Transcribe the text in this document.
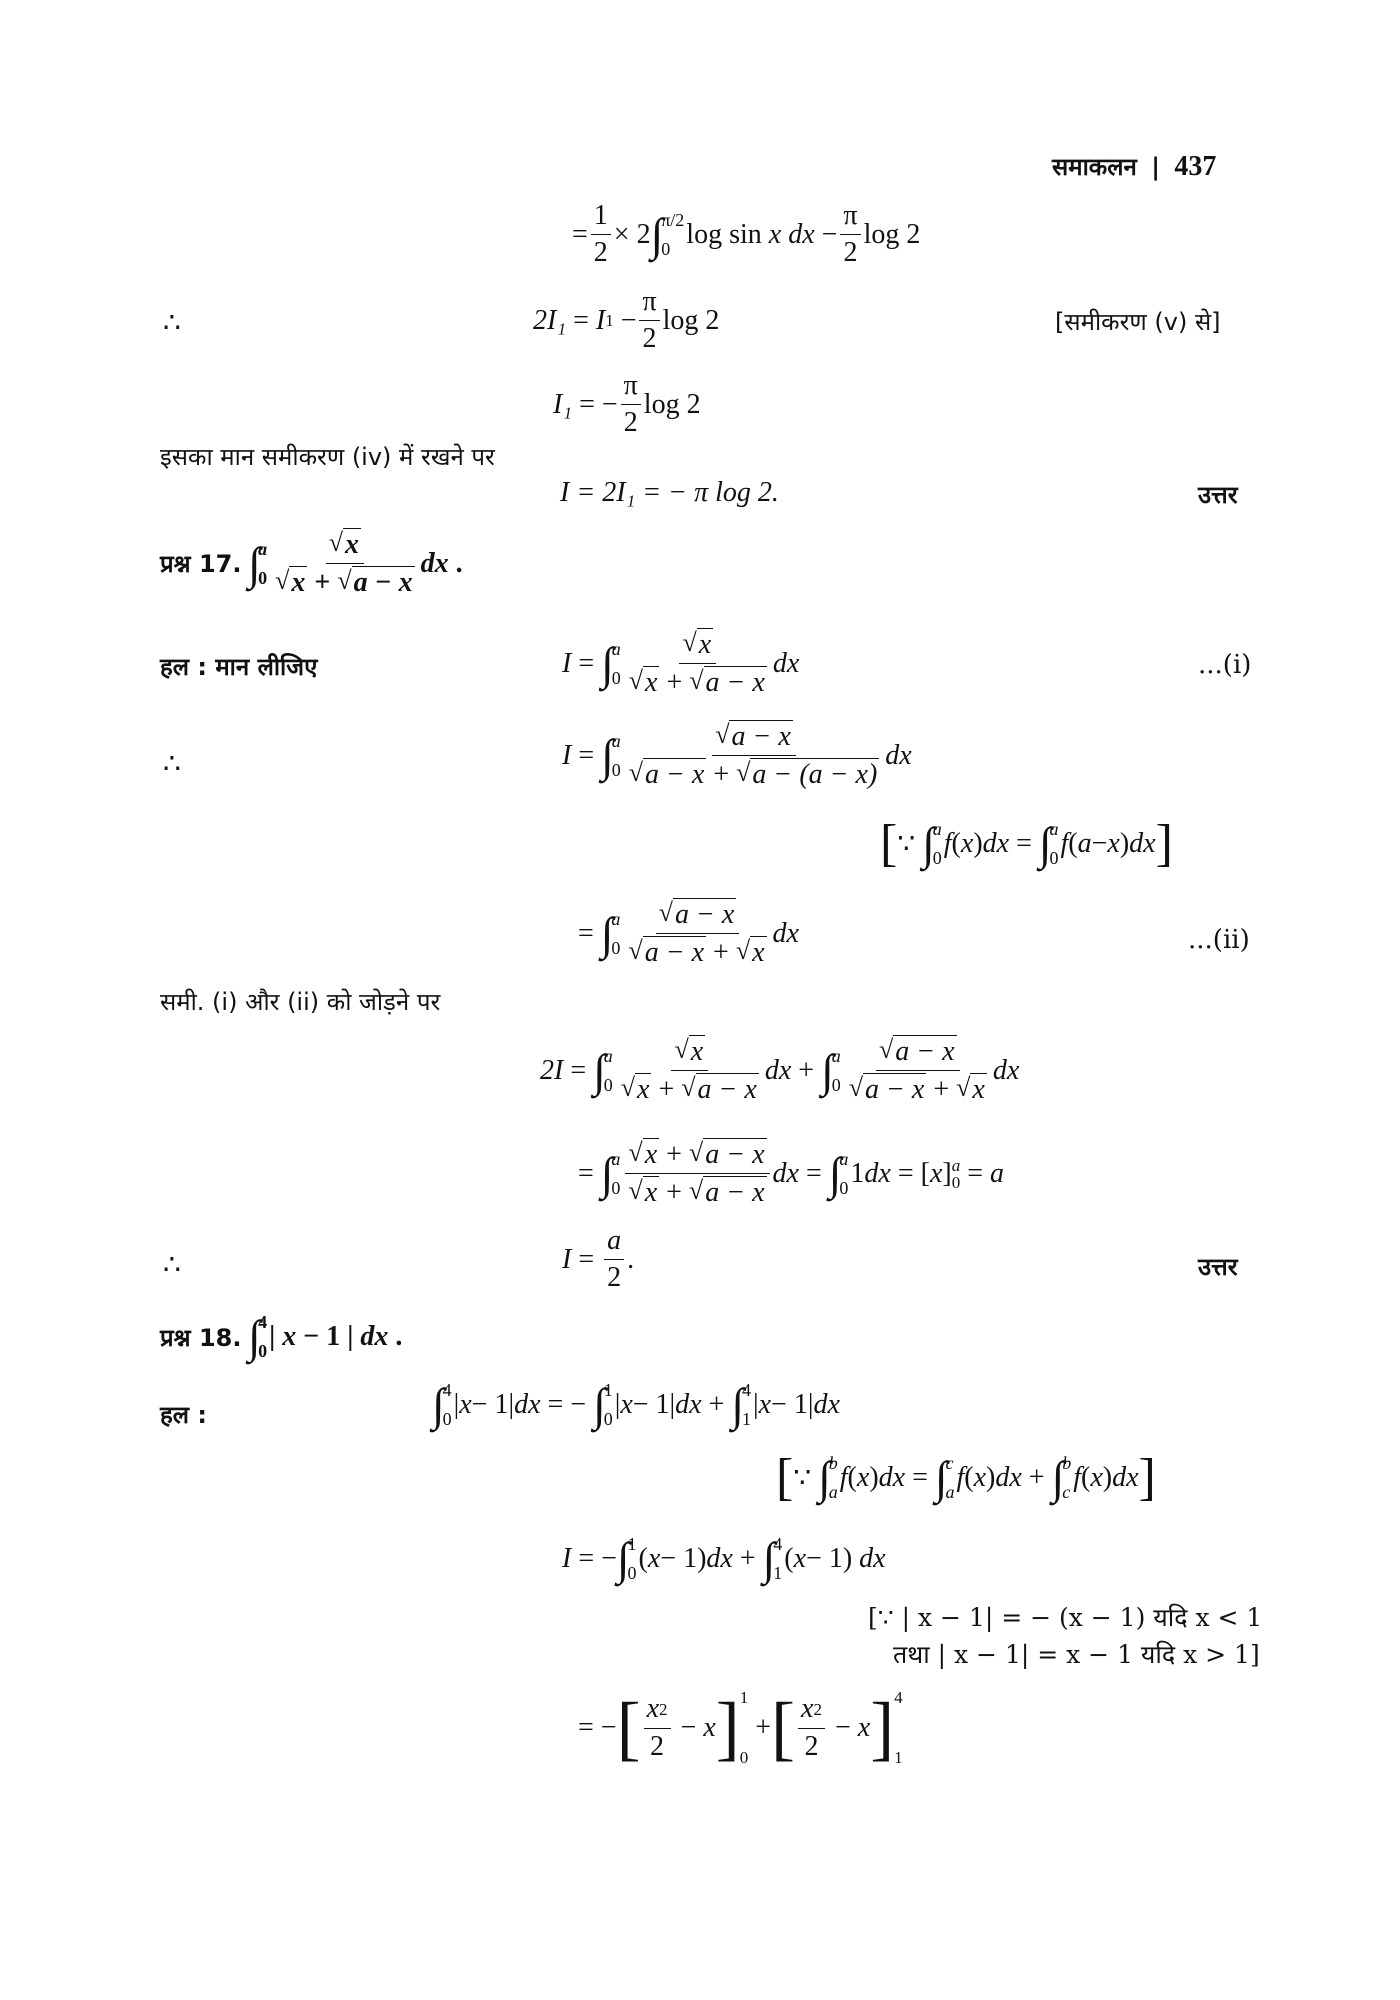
समाकलन | 437
= $\frac{1}{2} \times 2$ ∫
π/2
0 log sin
x dx − $\frac{\pi}{2}$ log 2
∴	2I₁
=
I $1 - \frac{\pi}{2}$ log 2	[समीकरण (v) से]
I₁
= − $\frac{\pi}{2}$ log 2
इसका मान समीकरण (iv) में रखने पर
I = 2I₁ = − π log 2.	उत्तर
प्रश्न 17. ∫
a
$0 \frac{√ x}{√ x + √ a - x}$ dx .
हल : मान लीजिए	I = ∫
a
$0 \frac{√ x}{√ x + √ a - x}$ dx	...(i)
∴	I = ∫
a
$0 \frac{√ a - x}{√ a - x + √ a - (a - x)}$ dx
[ ∵
∫
a
0 f ( x ) dx = ∫
a
0 f ( a − x ) dx ]
= ∫
a
$0 \frac{√ a - x}{√ a - x + √ x}$ dx	...(ii)
समी. (i) और (ii) को जोड़ने पर
2I = ∫
a
$0 \frac{√ x}{√ x + √ a - x}$ dx + ∫
a
$0 \frac{√ a - x}{√ a - x + √ x}$ dx
= ∫
a
$0 \frac{√ x + √ a - x}{√ x + √ a - x}$ dx = ∫
a
0 1 dx = [ x ] a
0 = a
∴	$I = \frac{a}{2}$ .	उत्तर
प्रश्न 18. ∫
4
0 | x − 1 | dx .
हल :	∫
4
0 | x − 1| dx = − ∫
1
0 | x − 1| dx + ∫
4
1 | x − 1| dx
[ ∵ ∫
b
a f ( x ) dx = ∫
c
a f ( x ) dx + ∫
b
c f ( x ) dx ]
I = − ∫
1
0 ( x − 1) dx + ∫
4
1 ( x − 1) dx
[∵ | x − 1| = − (x − 1) यदि x < 1
तथा | x − 1| = x − 1 यदि x > 1]
= − [ $\frac{x 2}{2} - x$ ] 1
0
+ [ $\frac{x 2}{2} - x$ ] 4
1
